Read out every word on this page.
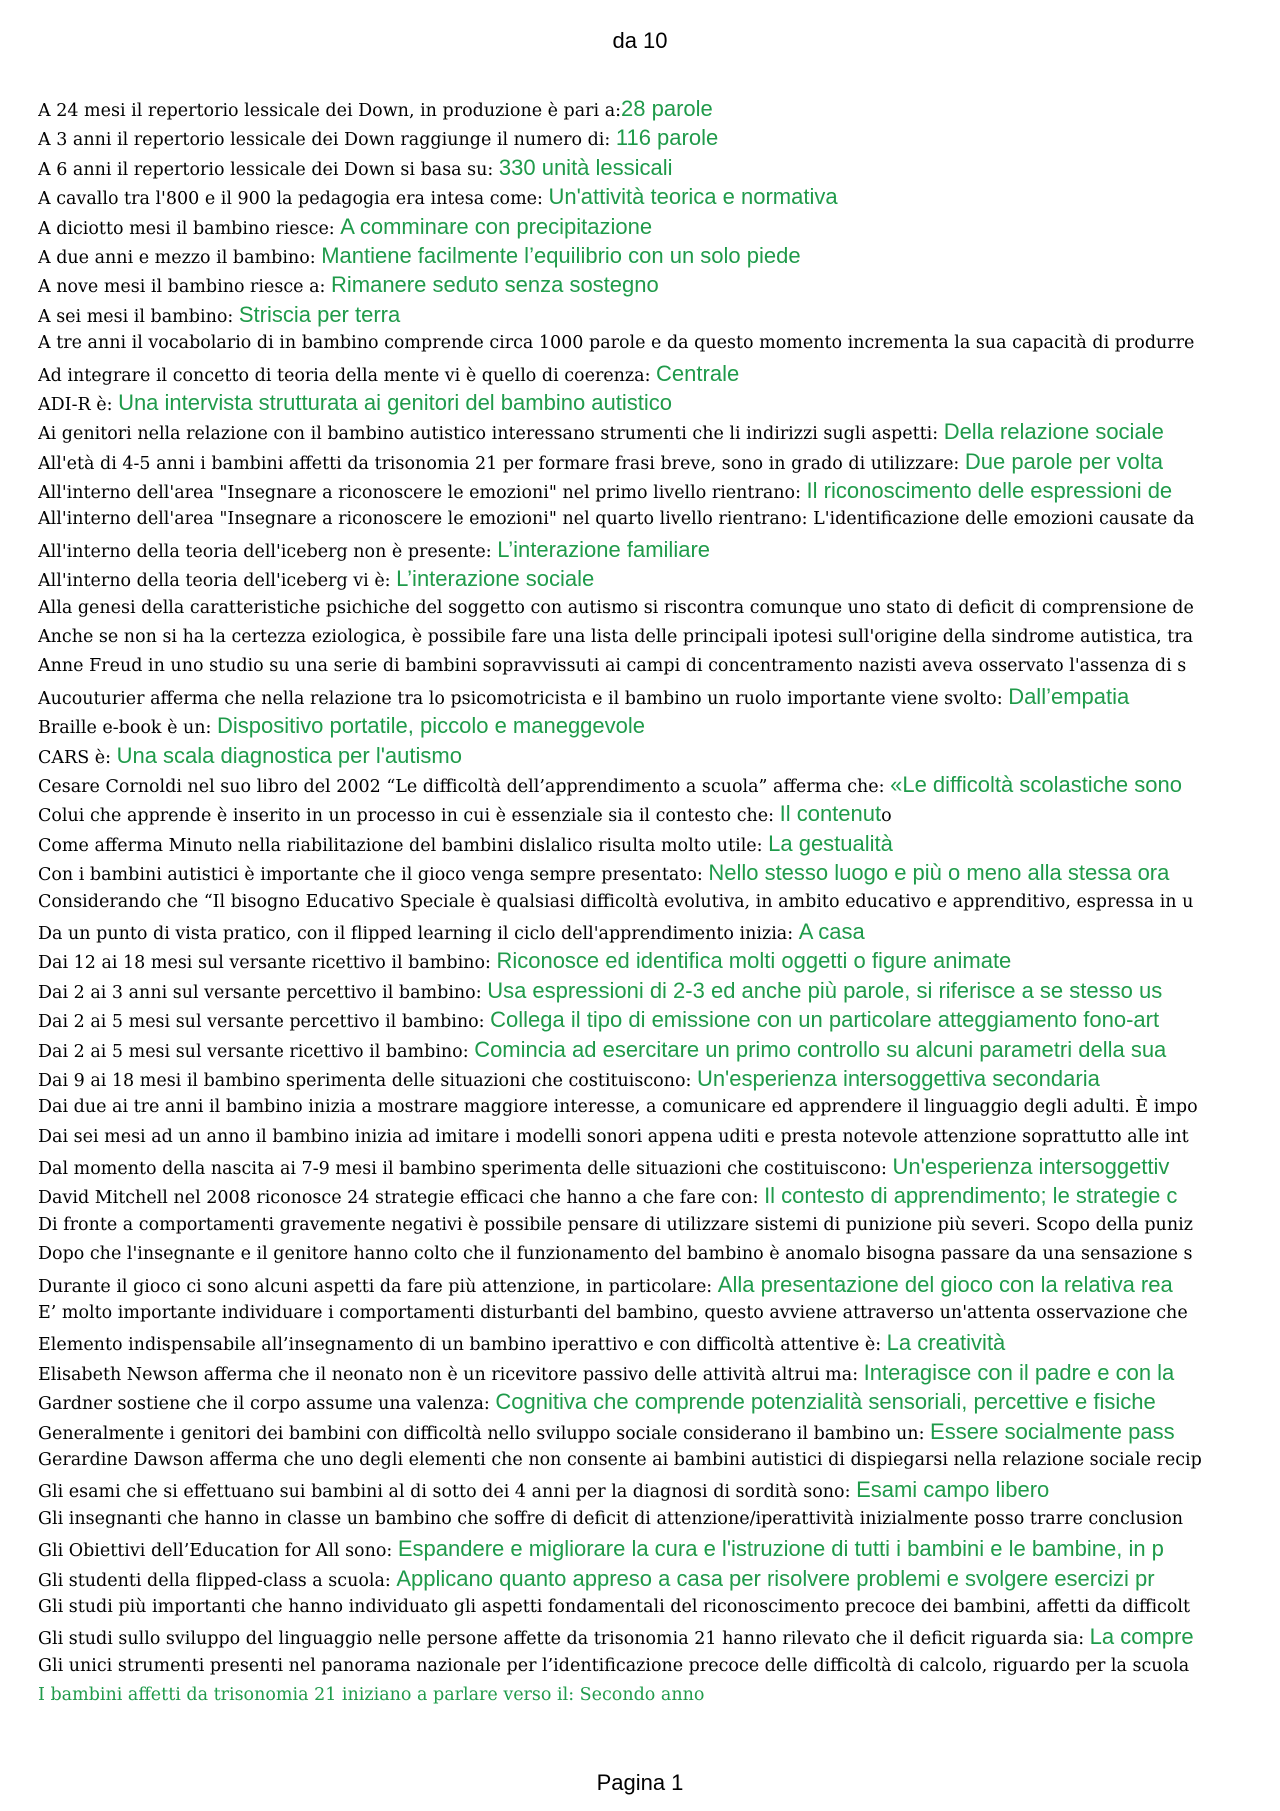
da 10
A 24 mesi il repertorio lessicale dei Down, in produzione è pari a:28 parole
A 3 anni il repertorio lessicale dei Down raggiunge il numero di: 116 parole
A 6 anni il repertorio lessicale dei Down si basa su: 330 unità lessicali
A cavallo tra l'800 e il 900 la pedagogia era intesa come: Un'attività teorica e normativa
A diciotto mesi il bambino riesce: A comminare con precipitazione
A due anni e mezzo il bambino: Mantiene facilmente l’equilibrio con un solo piede
A nove mesi il bambino riesce a: Rimanere seduto senza sostegno
A sei mesi il bambino: Striscia per terra
A tre anni il vocabolario di in bambino comprende circa 1000 parole e da questo momento incrementa la sua capacità di produrre
Ad integrare il concetto di teoria della mente vi è quello di coerenza: Centrale
ADI-R è: Una intervista strutturata ai genitori del bambino autistico
Ai genitori nella relazione con il bambino autistico interessano strumenti che li indirizzi sugli aspetti: Della relazione sociale
All'età di 4-5 anni i bambini affetti da trisonomia 21 per formare frasi breve, sono in grado di utilizzare: Due parole per volta
All'interno dell'area "Insegnare a riconoscere le emozioni" nel primo livello rientrano: Il riconoscimento delle espressioni de
All'interno dell'area "Insegnare a riconoscere le emozioni" nel quarto livello rientrano: L'identificazione delle emozioni causate da
All'interno della teoria dell'iceberg non è presente: L’interazione familiare
All'interno della teoria dell'iceberg vi è: L’interazione sociale
Alla genesi della caratteristiche psichiche del soggetto con autismo si riscontra comunque uno stato di deficit di comprensione de
Anche se non si ha la certezza eziologica, è possibile fare una lista delle principali ipotesi sull'origine della sindrome autistica, tra
Anne Freud in uno studio su una serie di bambini sopravvissuti ai campi di concentramento nazisti aveva osservato l'assenza di s
Aucouturier afferma che nella relazione tra lo psicomotricista e il bambino un ruolo importante viene svolto: Dall’empatia
Braille e-book è un: Dispositivo portatile, piccolo e maneggevole
CARS è: Una scala diagnostica per l'autismo
Cesare Cornoldi nel suo libro del 2002 “Le difficoltà dell’apprendimento a scuola” afferma che: «Le difficoltà scolastiche sono
Colui che apprende è inserito in un processo in cui è essenziale sia il contesto che: Il contenuto
Come afferma Minuto nella riabilitazione del bambini dislalico risulta molto utile: La gestualità
Con i bambini autistici è importante che il gioco venga sempre presentato: Nello stesso luogo e più o meno alla stessa ora
Considerando che “Il bisogno Educativo Speciale è qualsiasi difficoltà evolutiva, in ambito educativo e apprenditivo, espressa in u
Da un punto di vista pratico, con il flipped learning il ciclo dell'apprendimento inizia: A casa
Dai 12 ai 18 mesi sul versante ricettivo il bambino: Riconosce ed identifica molti oggetti o figure animate
Dai 2 ai 3 anni sul versante percettivo il bambino: Usa espressioni di 2-3 ed anche più parole, si riferisce a se stesso us
Dai 2 ai 5 mesi sul versante percettivo il bambino: Collega il tipo di emissione con un particolare atteggiamento fono-art
Dai 2 ai 5 mesi sul versante ricettivo il bambino: Comincia ad esercitare un primo controllo su alcuni parametri della sua
Dai 9 ai 18 mesi il bambino sperimenta delle situazioni che costituiscono: Un'esperienza intersoggettiva secondaria
Dai due ai tre anni il bambino inizia a mostrare maggiore interesse, a comunicare ed apprendere il linguaggio degli adulti. È impo
Dai sei mesi ad un anno il bambino inizia ad imitare i modelli sonori appena uditi e presta notevole attenzione soprattutto alle int
Dal momento della nascita ai 7-9 mesi il bambino sperimenta delle situazioni che costituiscono: Un'esperienza intersoggettiv
David Mitchell nel 2008 riconosce 24 strategie efficaci che hanno a che fare con: Il contesto di apprendimento; le strategie c
Di fronte a comportamenti gravemente negativi è possibile pensare di utilizzare sistemi di punizione più severi. Scopo della puniz
Dopo che l'insegnante e il genitore hanno colto che il funzionamento del bambino è anomalo bisogna passare da una sensazione s
Durante il gioco ci sono alcuni aspetti da fare più attenzione, in particolare: Alla presentazione del gioco con la relativa rea
E’ molto importante individuare i comportamenti disturbanti del bambino, questo avviene attraverso un'attenta osservazione che
Elemento indispensabile all’insegnamento di un bambino iperattivo e con difficoltà attentive è: La creatività
Elisabeth Newson afferma che il neonato non è un ricevitore passivo delle attività altrui ma: Interagisce con il padre e con la
Gardner sostiene che il corpo assume una valenza: Cognitiva che comprende potenzialità sensoriali, percettive e fisiche
Generalmente i genitori dei bambini con difficoltà nello sviluppo sociale considerano il bambino un: Essere socialmente pass
Gerardine Dawson afferma che uno degli elementi che non consente ai bambini autistici di dispiegarsi nella relazione sociale recip
Gli esami che si effettuano sui bambini al di sotto dei 4 anni per la diagnosi di sordità sono: Esami campo libero
Gli insegnanti che hanno in classe un bambino che soffre di deficit di attenzione/iperattività inizialmente posso trarre conclusion
Gli Obiettivi dell’Education for All sono: Espandere e migliorare la cura e l'istruzione di tutti i bambini e le bambine, in p
Gli studenti della flipped-class a scuola: Applicano quanto appreso a casa per risolvere problemi e svolgere esercizi pr
Gli studi più importanti che hanno individuato gli aspetti fondamentali del riconoscimento precoce dei bambini, affetti da difficolt
Gli studi sullo sviluppo del linguaggio nelle persone affette da trisonomia 21 hanno rilevato che il deficit riguarda sia: La compre
Gli unici strumenti presenti nel panorama nazionale per l’identificazione precoce delle difficoltà di calcolo, riguardo per la scuola
I bambini affetti da trisonomia 21 iniziano a parlare verso il: Secondo anno
Pagina 1
